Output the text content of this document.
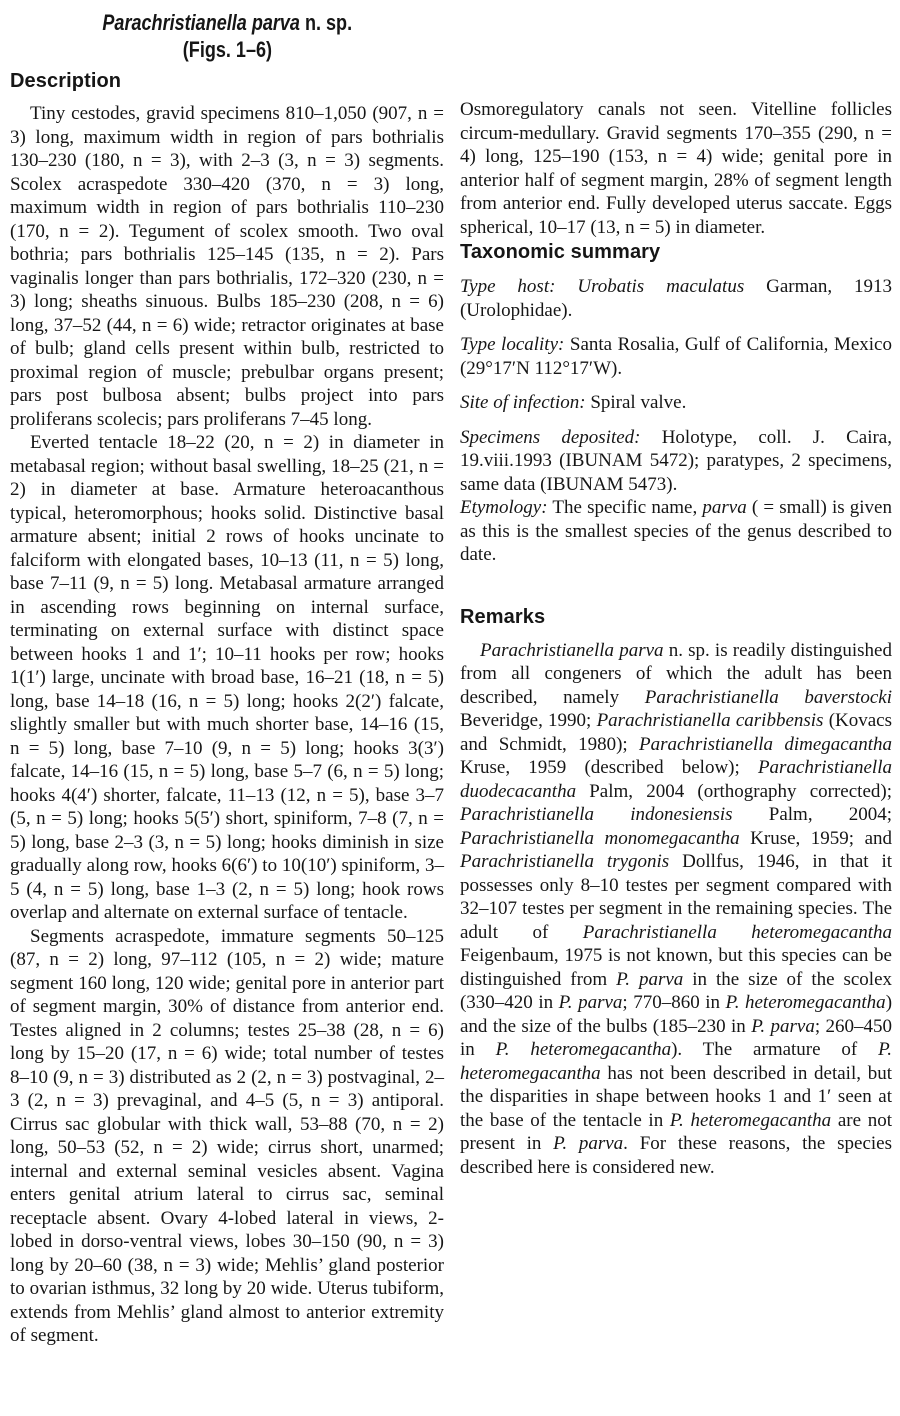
Parachristianella parva n. sp.
(Figs. 1–6)
Description

Tiny cestodes, gravid specimens 810–1,050 (907, n = 3) long, maximum width in region of pars bothrialis 130–230 (180, n = 3), with 2–3 (3, n = 3) segments. Scolex acraspedote 330–420 (370, n = 3) long, maximum width in region of pars bothrialis 110–230 (170, n = 2). Tegument of scolex smooth. Two oval bothria; pars bothrialis 125–145 (135, n = 2). Pars vaginalis longer than pars bothrialis, 172–320 (230, n = 3) long; sheaths sinuous. Bulbs 185–230 (208, n = 6) long, 37–52 (44, n = 6) wide; retractor originates at base of bulb; gland cells present within bulb, restricted to proximal region of muscle; prebulbar organs present; pars post bulbosa absent; bulbs project into pars proliferans scolecis; pars proliferans 7–45 long.

Everted tentacle 18–22 (20, n = 2) in diameter in metabasal region; without basal swelling, 18–25 (21, n = 2) in diameter at base. Armature heteroacanthous typical, heteromorphous; hooks solid. Distinctive basal armature absent; initial 2 rows of hooks uncinate to falciform with elongated bases, 10–13 (11, n = 5) long, base 7–11 (9, n = 5) long. Metabasal armature arranged in ascending rows beginning on internal surface, terminating on external surface with distinct space between hooks 1 and 1′; 10–11 hooks per row; hooks 1(1′) large, uncinate with broad base, 16–21 (18, n = 5) long, base 14–18 (16, n = 5) long; hooks 2(2′) falcate, slightly smaller but with much shorter base, 14–16 (15, n = 5) long, base 7–10 (9, n = 5) long; hooks 3(3′) falcate, 14–16 (15, n = 5) long, base 5–7 (6, n = 5) long; hooks 4(4′) shorter, falcate, 11–13 (12, n = 5), base 3–7 (5, n = 5) long; hooks 5(5′) short, spiniform, 7–8 (7, n = 5) long, base 2–3 (3, n = 5) long; hooks diminish in size gradually along row, hooks 6(6′) to 10(10′) spiniform, 3–5 (4, n = 5) long, base 1–3 (2, n = 5) long; hook rows overlap and alternate on external surface of tentacle.

Segments acraspedote, immature segments 50–125 (87, n = 2) long, 97–112 (105, n = 2) wide; mature segment 160 long, 120 wide; genital pore in anterior part of segment margin, 30% of distance from anterior end. Testes aligned in 2 columns; testes 25–38 (28, n = 6) long by 15–20 (17, n = 6) wide; total number of testes 8–10 (9, n = 3) distributed as 2 (2, n = 3) postvaginal, 2–3 (2, n = 3) prevaginal, and 4–5 (5, n = 3) antiporal. Cirrus sac globular with thick wall, 53–88 (70, n = 2) long, 50–53 (52, n = 2) wide; cirrus short, unarmed; internal and external seminal vesicles absent. Vagina enters genital atrium lateral to cirrus sac, seminal receptacle absent. Ovary 4-lobed lateral in views, 2-lobed in dorso-ventral views, lobes 30–150 (90, n = 3) long by 20–60 (38, n = 3) wide; Mehlis’ gland posterior to ovarian isthmus, 32 long by 20 wide. Uterus tubiform, extends from Mehlis’ gland almost to anterior extremity of segment.

Osmoregulatory canals not seen. Vitelline follicles circum-medullary. Gravid segments 170–355 (290, n = 4) long, 125–190 (153, n = 4) wide; genital pore in anterior half of segment margin, 28% of segment length from anterior end. Fully developed uterus saccate. Eggs spherical, 10–17 (13, n = 5) in diameter.

Taxonomic summary

Type host: Urobatis maculatus Garman, 1913 (Urolophidae).

Type locality: Santa Rosalia, Gulf of California, Mexico (29°17′N 112°17′W).

Site of infection: Spiral valve.

Specimens deposited: Holotype, coll. J. Caira, 19.viii.1993 (IBUNAM 5472); paratypes, 2 specimens, same data (IBUNAM 5473).

Etymology: The specific name, parva ( = small) is given as this is the smallest species of the genus described to date.

Remarks

Parachristianella parva n. sp. is readily distinguished from all congeners of which the adult has been described, namely Parachristianella baverstocki Beveridge, 1990; Parachristianella caribbensis (Kovacs and Schmidt, 1980); Parachristianella dimegacantha Kruse, 1959 (described below); Parachristianella duodecacantha Palm, 2004 (orthography corrected); Parachristianella indonesiensis Palm, 2004; Parachristianella monomegacantha Kruse, 1959; and Parachristianella trygonis Dollfus, 1946, in that it possesses only 8–10 testes per segment compared with 32–107 testes per segment in the remaining species. The adult of Parachristianella heteromegacantha Feigenbaum, 1975 is not known, but this species can be distinguished from P. parva in the size of the scolex (330–420 in P. parva; 770–860 in P. heteromegacantha) and the size of the bulbs (185–230 in P. parva; 260–450 in P. heteromegacantha). The armature of P. heteromegacantha has not been described in detail, but the disparities in shape between hooks 1 and 1′ seen at the base of the tentacle in P. heteromegacantha are not present in P. parva. For these reasons, the species described here is considered new.
